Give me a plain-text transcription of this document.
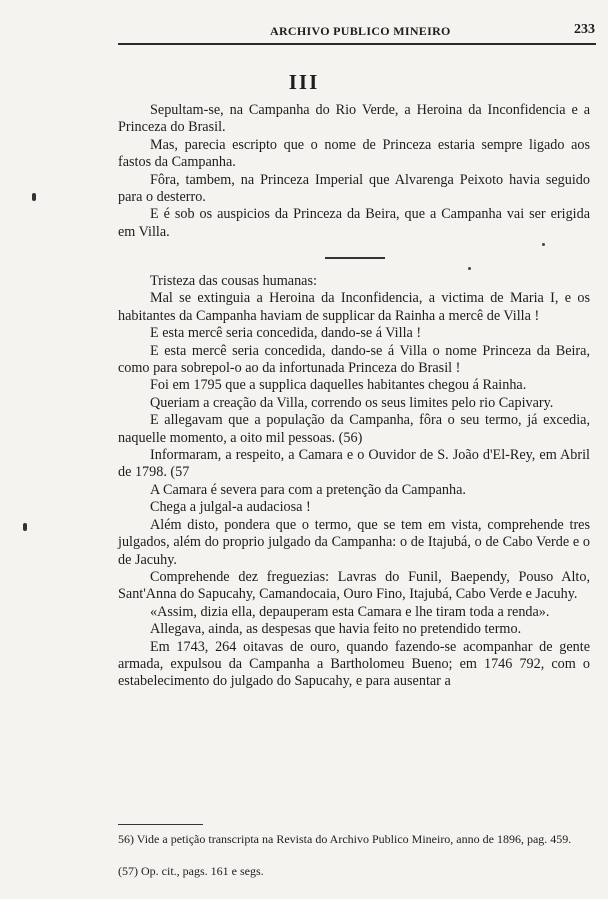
ARCHIVO PUBLICO MINEIRO	233
III

Sepultam-se, na Campanha do Rio Verde, a Heroina da Inconfidencia e a Princeza do Brasil.

Mas, parecia escripto que o nome de Princeza estaria sempre ligado aos fastos da Campanha.

Fôra, tambem, na Princeza Imperial que Alvarenga Peixoto havia seguido para o desterro.

E é sob os auspicios da Princeza da Beira, que a Campanha vai ser erigida em Villa.

Tristeza das cousas humanas:

Mal se extinguia a Heroina da Inconfidencia, a victima de Maria I, e os habitantes da Campanha haviam de supplicar da Rainha a mercê de Villa !

E esta mercê seria concedida, dando-se á Villa !

E esta mercê seria concedida, dando-se á Villa o nome Princeza da Beira, como para sobrepol-o ao da infortunada Princeza do Brasil !

Foi em 1795 que a supplica daquelles habitantes chegou á Rainha.

Queriam a creação da Villa, correndo os seus limites pelo rio Capivary.

E allegavam que a população da Campanha, fôra o seu termo, já excedia, naquelle momento, a oito mil pessoas. (56)

Informaram, a respeito, a Camara e o Ouvidor de S. João d'El-Rey, em Abril de 1798. (57

A Camara é severa para com a pretenção da Campanha.

Chega a julgal-a audaciosa !

Além disto, pondera que o termo, que se tem em vista, comprehende tres julgados, além do proprio julgado da Campanha: o de Itajubá, o de Cabo Verde e o de Jacuhy.

Comprehende dez freguezias: Lavras do Funil, Baependy, Pouso Alto, Sant'Anna do Sapucahy, Camandocaia, Ouro Fino, Itajubá, Cabo Verde e Jacuhy.

«Assim, dizia ella, depauperam esta Camara e lhe tiram toda a renda».

Allegava, ainda, as despesas que havia feito no pretendido termo.

Em 1743, 264 oitavas de ouro, quando fazendo-se acompanhar de gente armada, expulsou da Campanha a Bartholomeu Bueno; em 1746 792, com o estabelecimento do julgado do Sapucahy, e para ausentar a

56) Vide a petição transcripta na Revista do Archivo Publico Mineiro, anno de 1896, pag. 459.
(57) Op. cit., pags. 161 e segs.
